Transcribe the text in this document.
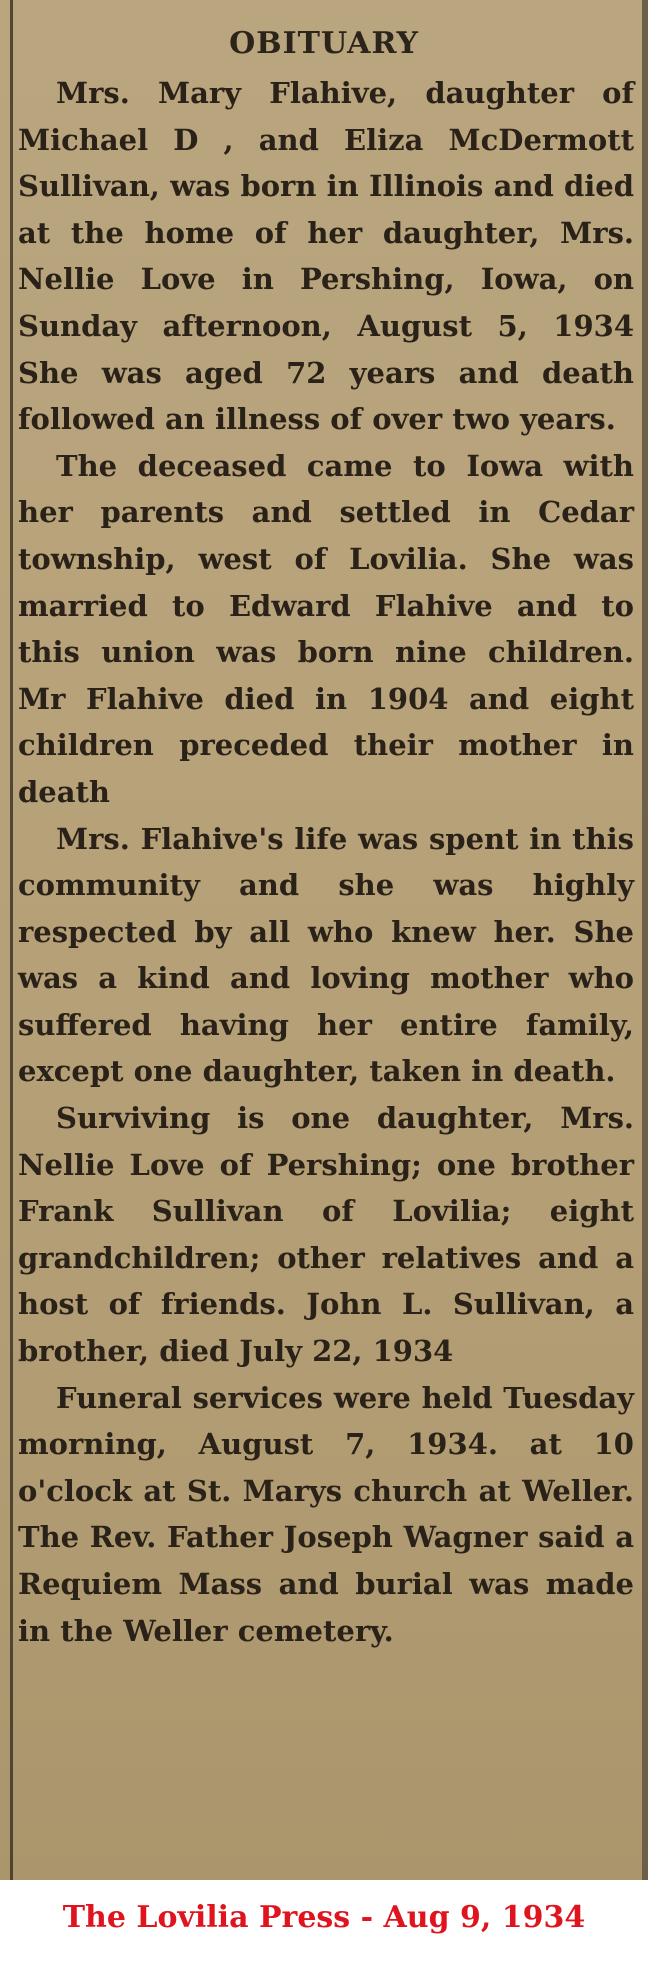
OBITUARY

Mrs. Mary Flahive, daughter of Michael D , and Eliza McDermott Sullivan, was born in Illinois and died at the home of her daughter, Mrs. Nellie Love in Pershing, Iowa, on Sunday afternoon, August 5, 1934 She was aged 72 years and death followed an illness of over two years.

The deceased came to Iowa with her parents and settled in Cedar township, west of Lovilia. She was married to Edward Flahive and to this union was born nine children. Mr Flahive died in 1904 and eight children preceded their mother in death

Mrs. Flahive's life was spent in this community and she was highly respected by all who knew her. She was a kind and loving mother who suffered having her entire family, except one daughter, taken in death.

Surviving is one daughter, Mrs. Nellie Love of Pershing; one brother Frank Sullivan of Lovilia; eight grandchildren; other relatives and a host of friends. John L. Sullivan, a brother, died July 22, 1934

Funeral services were held Tuesday morning, August 7, 1934. at 10 o'clock at St. Marys church at Weller. The Rev. Father Joseph Wagner said a Requiem Mass and burial was made in the Weller cemetery.

The Lovilia Press - Aug 9, 1934
